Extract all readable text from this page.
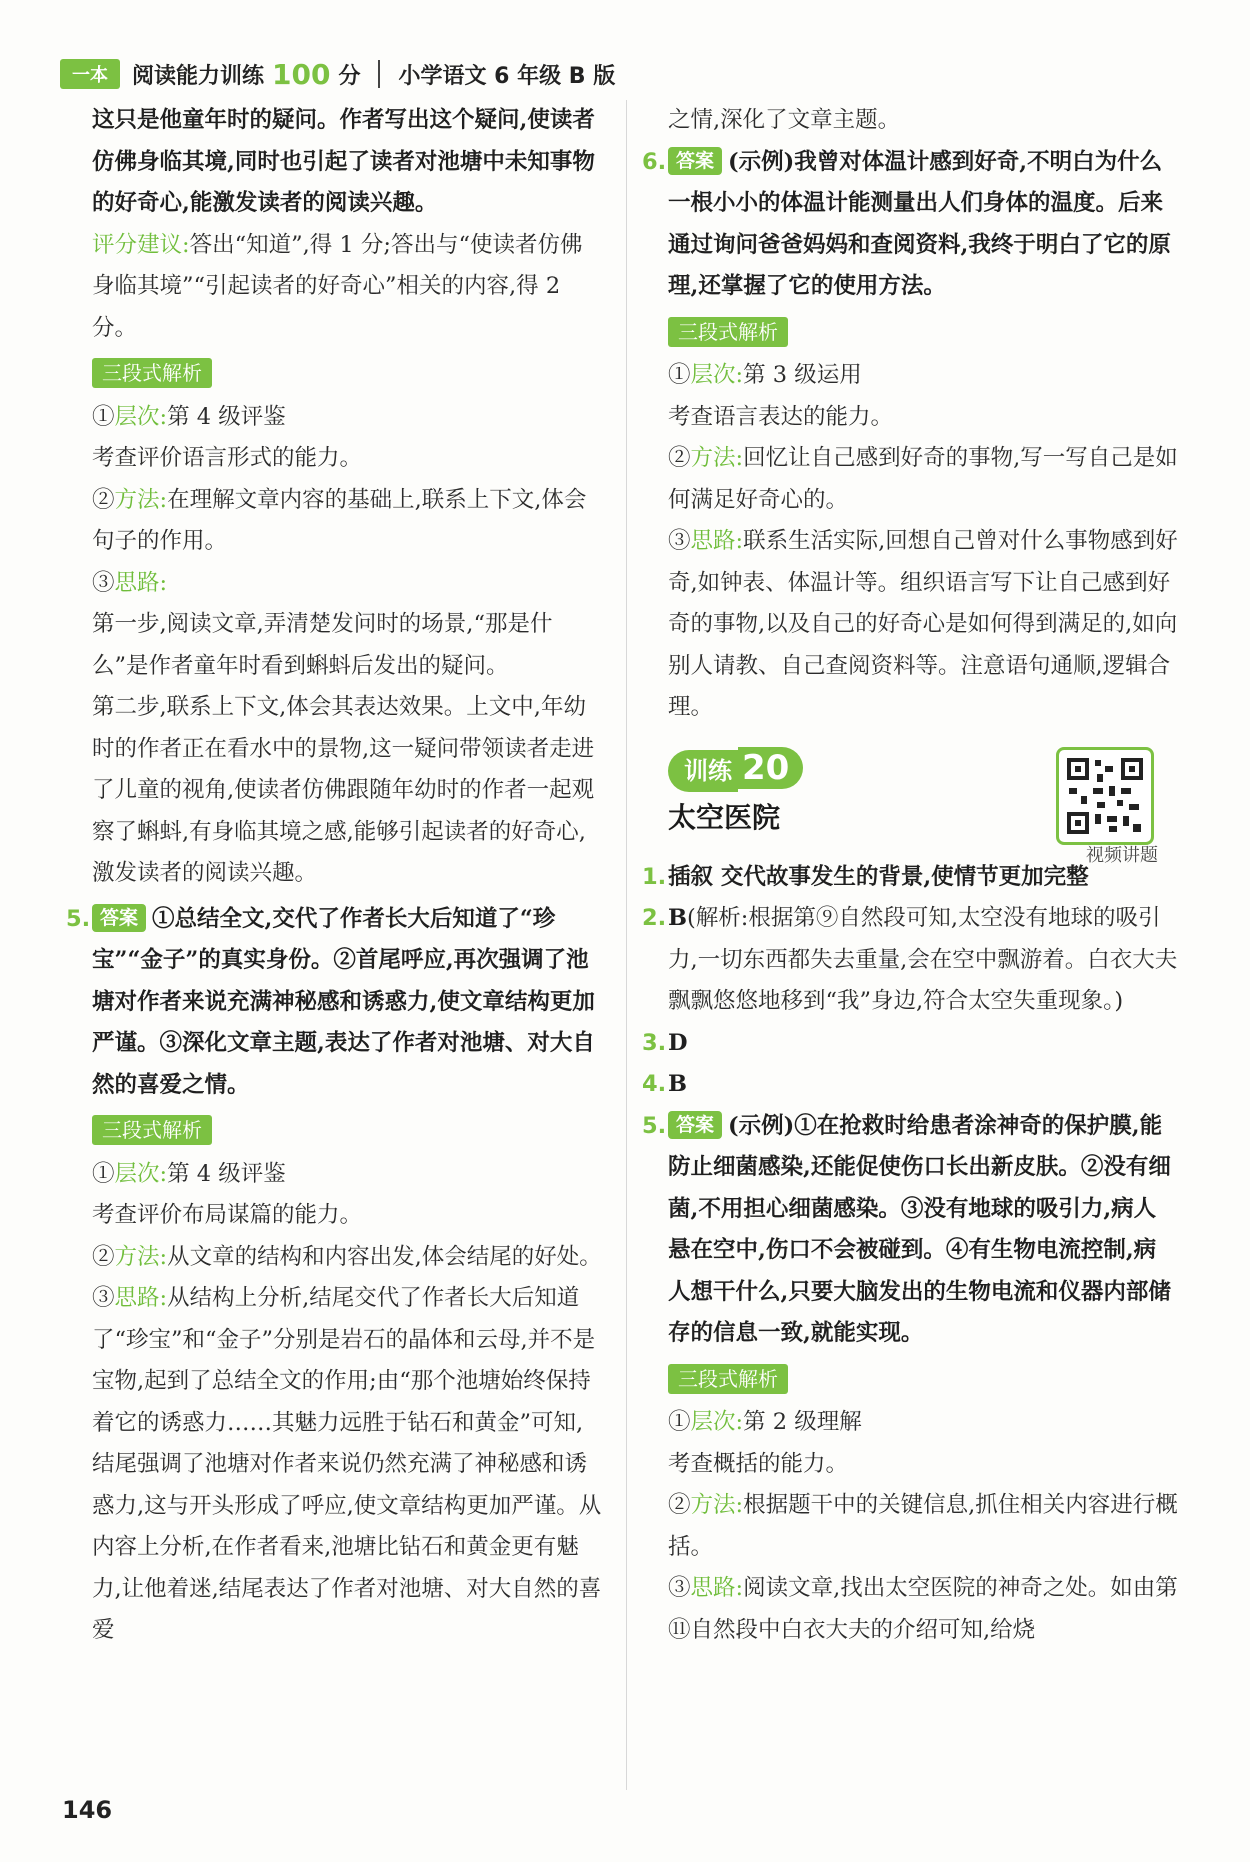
一本	阅读能力训练 100 分 小学语文 6 年级 B 版

这只是他童年时的疑问。作者写出这个疑问,使读者仿佛身临其境,同时也引起了读者对池塘中未知事物的好奇心,能激发读者的阅读兴趣。

评分建议:答出“知道”,得 1 分;答出与“使读者仿佛身临其境”“引起读者的好奇心”相关的内容,得 2 分。

三段式解析

①层次:第 4 级评鉴

考查评价语言形式的能力。

②方法:在理解文章内容的基础上,联系上下文,体会句子的作用。

③思路:

第一步,阅读文章,弄清楚发问时的场景,“那是什么”是作者童年时看到蝌蚪后发出的疑问。

第二步,联系上下文,体会其表达效果。上文中,年幼时的作者正在看水中的景物,这一疑问带领读者走进了儿童的视角,使读者仿佛跟随年幼时的作者一起观察了蝌蚪,有身临其境之感,能够引起读者的好奇心,激发读者的阅读兴趣。

5. 答案 ①总结全文,交代了作者长大后知道了“珍宝”“金子”的真实身份。②首尾呼应,再次强调了池塘对作者来说充满神秘感和诱惑力,使文章结构更加严谨。③深化文章主题,表达了作者对池塘、对大自然的喜爱之情。

三段式解析

①层次:第 4 级评鉴

考查评价布局谋篇的能力。

②方法:从文章的结构和内容出发,体会结尾的好处。

③思路:从结构上分析,结尾交代了作者长大后知道了“珍宝”和“金子”分别是岩石的晶体和云母,并不是宝物,起到了总结全文的作用;由“那个池塘始终保持着它的诱惑力……其魅力远胜于钻石和黄金”可知,结尾强调了池塘对作者来说仍然充满了神秘感和诱惑力,这与开头形成了呼应,使文章结构更加严谨。从内容上分析,在作者看来,池塘比钻石和黄金更有魅力,让他着迷,结尾表达了作者对池塘、对大自然的喜爱

之情,深化了文章主题。

6. 答案 (示例)我曾对体温计感到好奇,不明白为什么一根小小的体温计能测量出人们身体的温度。后来通过询问爸爸妈妈和查阅资料,我终于明白了它的原理,还掌握了它的使用方法。

三段式解析

①层次:第 3 级运用

考查语言表达的能力。

②方法:回忆让自己感到好奇的事物,写一写自己是如何满足好奇心的。

③思路:联系生活实际,回想自己曾对什么事物感到好奇,如钟表、体温计等。组织语言写下让自己感到好奇的事物,以及自己的好奇心是如何得到满足的,如向别人请教、自己查阅资料等。注意语句通顺,逻辑合理。

训练 20
太空医院
视频讲题

1. 插叙 交代故事发生的背景,使情节更加完整

2. B(解析:根据第⑨自然段可知,太空没有地球的吸引力,一切东西都失去重量,会在空中飘游着。白衣大夫飘飘悠悠地移到“我”身边,符合太空失重现象。)

3. D

4. B

5. 答案 (示例)①在抢救时给患者涂神奇的保护膜,能防止细菌感染,还能促使伤口长出新皮肤。②没有细菌,不用担心细菌感染。③没有地球的吸引力,病人悬在空中,伤口不会被碰到。④有生物电流控制,病人想干什么,只要大脑发出的生物电流和仪器内部储存的信息一致,就能实现。

三段式解析

①层次:第 2 级理解

考查概括的能力。

②方法:根据题干中的关键信息,抓住相关内容进行概括。

③思路:阅读文章,找出太空医院的神奇之处。如由第⑪自然段中白衣大夫的介绍可知,给烧

146
